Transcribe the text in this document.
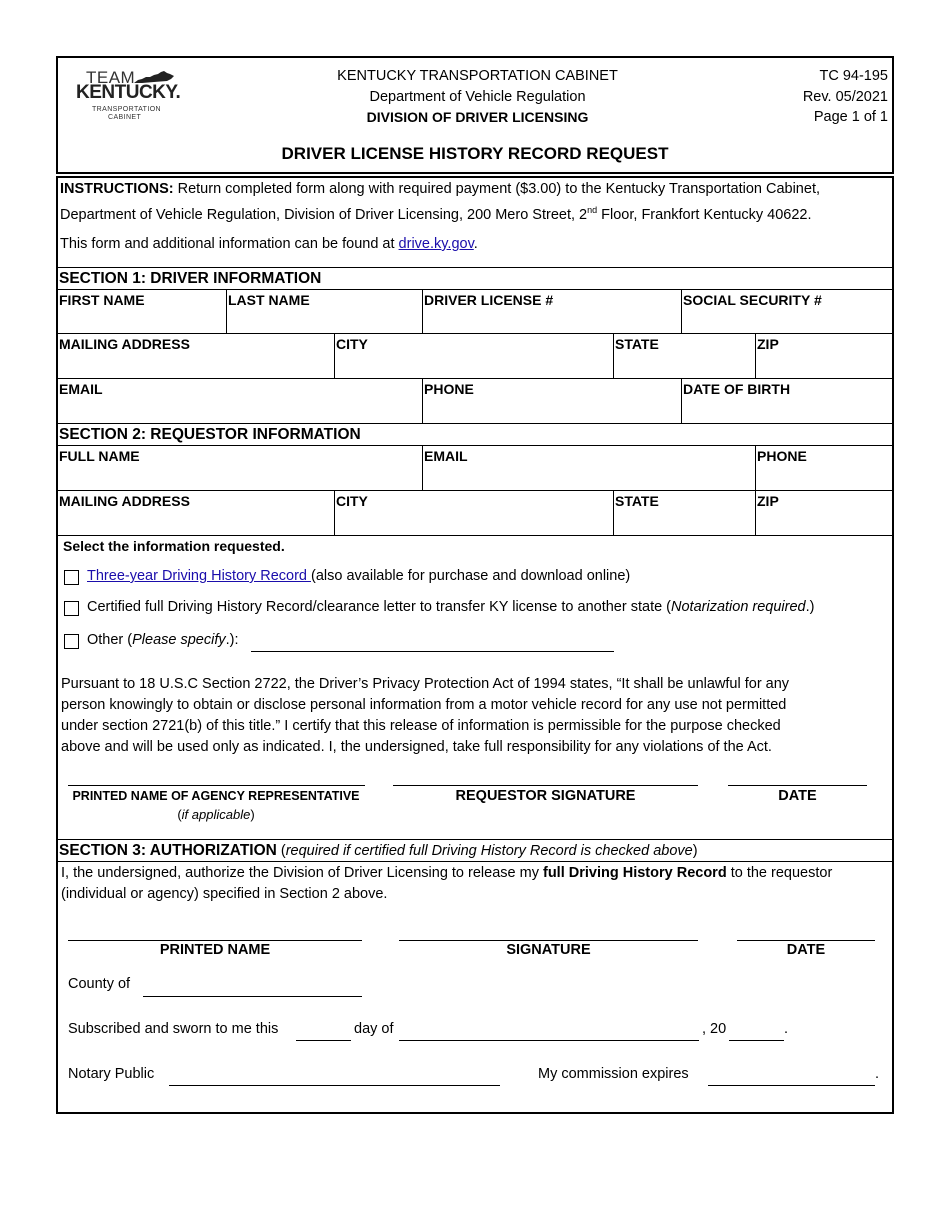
TEAM
KENTUCKY.
TRANSPORTATION
CABINET
KENTUCKY TRANSPORTATION CABINET
Department of Vehicle Regulation
DIVISION OF DRIVER LICENSING
TC 94-195
Rev. 05/2021
Page 1 of 1
DRIVER LICENSE HISTORY RECORD REQUEST
INSTRUCTIONS: Return completed form along with required payment ($3.00) to the Kentucky Transportation Cabinet,
Department of Vehicle Regulation, Division of Driver Licensing, 200 Mero Street, 2nd Floor, Frankfort Kentucky 40622.
This form and additional information can be found at drive.ky.gov.
SECTION 1: DRIVER INFORMATION
FIRST NAME	LAST NAME	DRIVER LICENSE #	SOCIAL SECURITY #
MAILING ADDRESS	CITY	STATE	ZIP
EMAIL	PHONE	DATE OF BIRTH
SECTION 2: REQUESTOR INFORMATION
FULL NAME	EMAIL	PHONE
MAILING ADDRESS	CITY	STATE	ZIP
Select the information requested.
Three-year Driving History Record (also available for purchase and download online)
Certified full Driving History Record/clearance letter to transfer KY license to another state (Notarization required.)
Other (Please specify.):
Pursuant to 18 U.S.C Section 2722, the Driver’s Privacy Protection Act of 1994 states, “It shall be unlawful for any
person knowingly to obtain or disclose personal information from a motor vehicle record for any use not permitted
under section 2721(b) of this title.” I certify that this release of information is permissible for the purpose checked
above and will be used only as indicated. I, the undersigned, take full responsibility for any violations of the Act.
PRINTED NAME OF AGENCY REPRESENTATIVE
(if applicable)
REQUESTOR SIGNATURE	DATE
SECTION 3: AUTHORIZATION (required if certified full Driving History Record is checked above)
I, the undersigned, authorize the Division of Driver Licensing to release my full Driving History Record to the requestor
(individual or agency) specified in Section 2 above.
PRINTED NAME	SIGNATURE	DATE
County of
Subscribed and sworn to me this	day of	, 20	.
Notary Public	My commission expires	.
